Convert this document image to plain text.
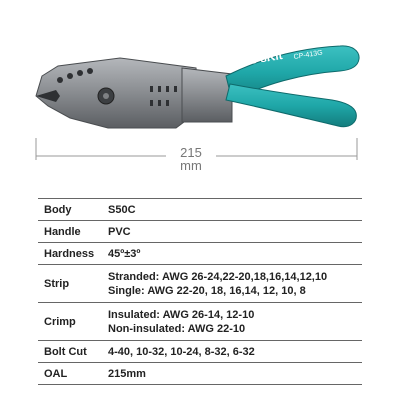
Pro'sKit CP-413G
215
mm
Body	S50C

Handle	PVC

Hardness	45º±3º

Strip	Stranded: AWG 26-24,22-20,18,16,14,12,10
Single: AWG 22-20, 18, 16,14, 12, 10, 8

Crimp	Insulated: AWG 26-14, 12-10
Non-insulated: AWG 22-10

Bolt Cut	4-40, 10-32, 10-24, 8-32, 6-32

OAL	215mm
